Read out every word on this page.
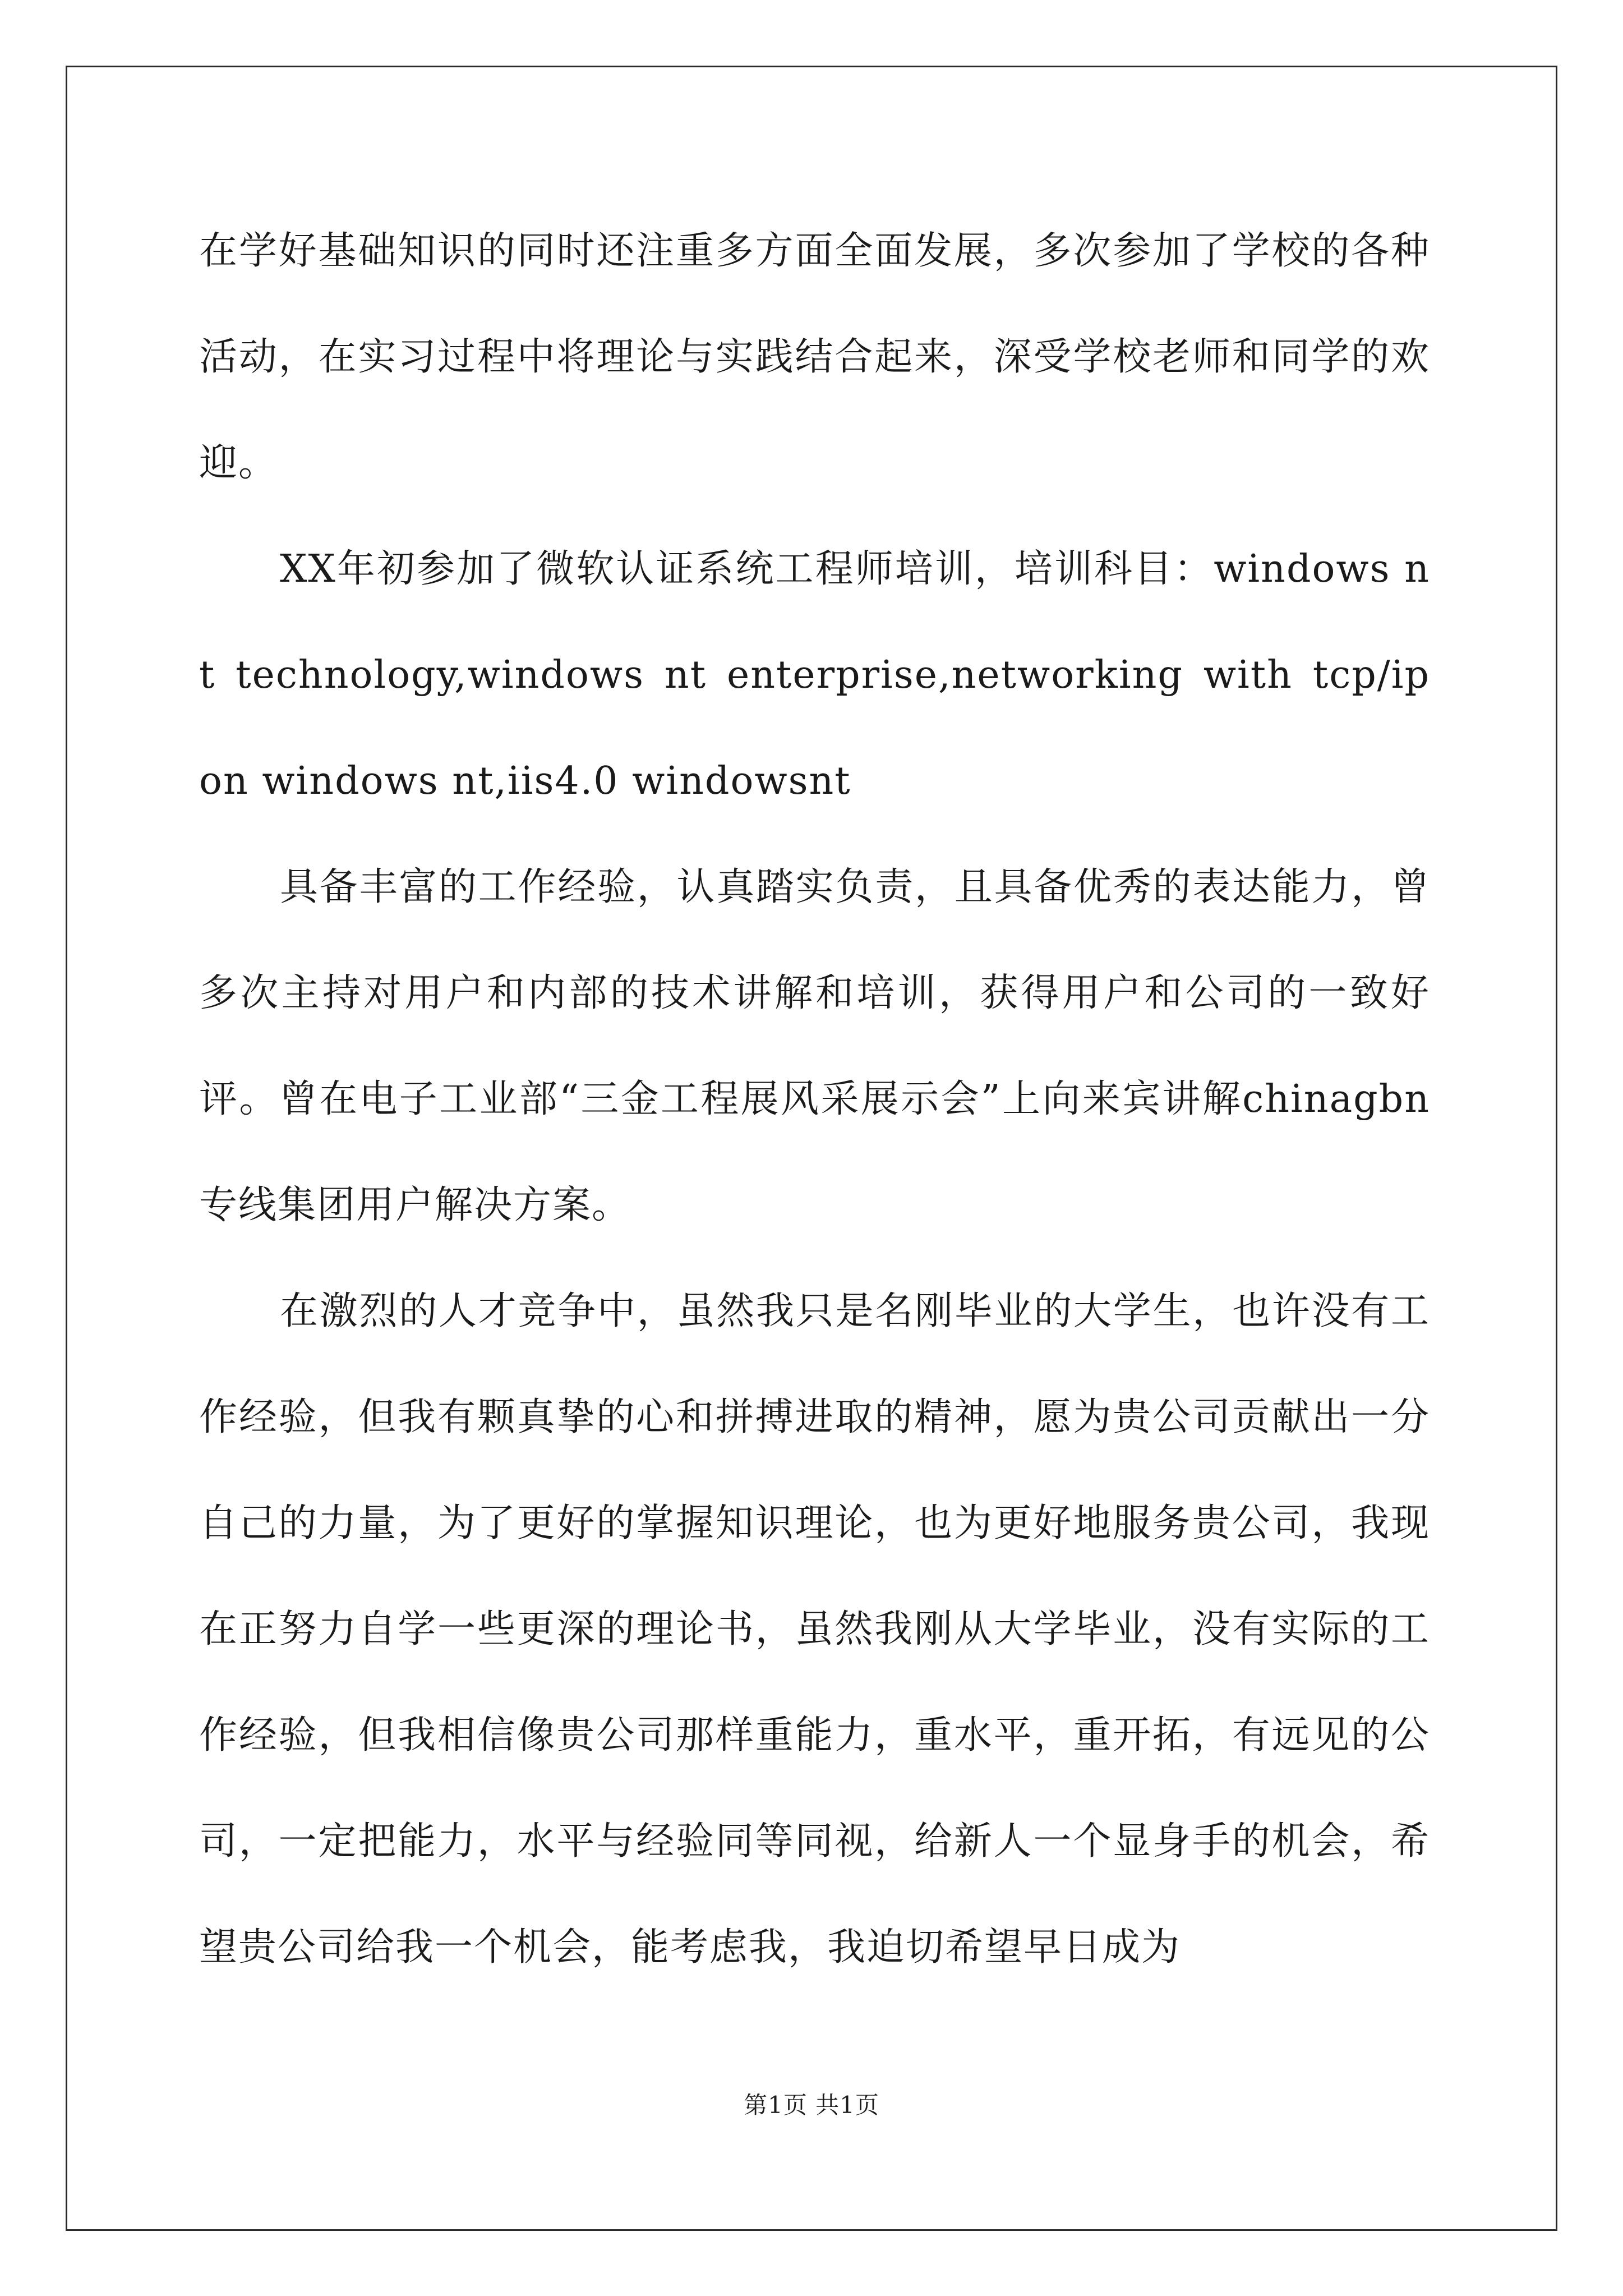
在学好基础知识的同时还注重多方面全面发展，多次参加了学校的各种活动，在实习过程中将理论与实践结合起来，深受学校老师和同学的欢迎。

XX年初参加了微软认证系统工程师培训，培训科目：windows nt technology,windows nt enterprise,networking with tcp/ip on windows nt,iis4.0 windowsnt

具备丰富的工作经验，认真踏实负责，且具备优秀的表达能力，曾多次主持对用户和内部的技术讲解和培训，获得用户和公司的一致好评。曾在电子工业部“三金工程展风采展示会”上向来宾讲解chinagbn专线集团用户解决方案。

在激烈的人才竞争中，虽然我只是名刚毕业的大学生，也许没有工作经验，但我有颗真挚的心和拼搏进取的精神，愿为贵公司贡献出一分自己的力量，为了更好的掌握知识理论，也为更好地服务贵公司，我现在正努力自学一些更深的理论书，虽然我刚从大学毕业，没有实际的工作经验，但我相信像贵公司那样重能力，重水平，重开拓，有远见的公司，一定把能力，水平与经验同等同视，给新人一个显身手的机会，希望贵公司给我一个机会，能考虑我，我迫切希望早日成为

第1页 共1页
